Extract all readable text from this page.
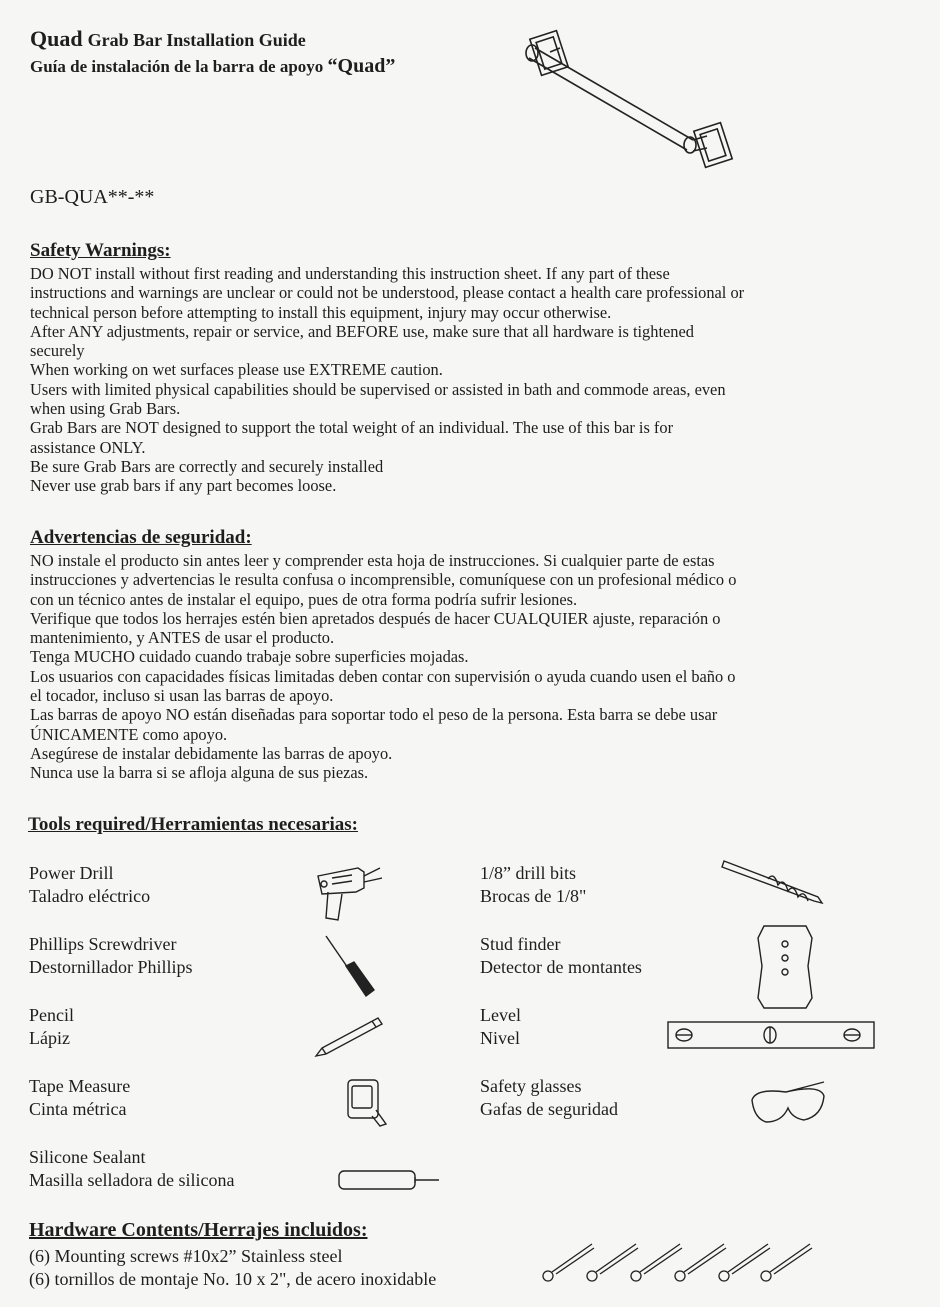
Quad Grab Bar Installation Guide
Guía de instalación de la barra de apoyo “Quad”
GB-QUA**-**
Safety Warnings:
DO NOT install without first reading and understanding this instruction sheet. If any part of these
instructions and warnings are unclear or could not be understood, please contact a health care professional or
technical person before attempting to install this equipment, injury may occur otherwise.
After ANY adjustments, repair or service, and BEFORE use, make sure that all hardware is tightened
securely
When working on wet surfaces please use EXTREME caution.
Users with limited physical capabilities should be supervised or assisted in bath and commode areas, even
when using Grab Bars.
Grab Bars are NOT designed to support the total weight of an individual. The use of this bar is for
assistance ONLY.
Be sure Grab Bars are correctly and securely installed
Never use grab bars if any part becomes loose.
Advertencias de seguridad:
NO instale el producto sin antes leer y comprender esta hoja de instrucciones. Si cualquier parte de estas
instrucciones y advertencias le resulta confusa o incomprensible, comuníquese con un profesional médico o
con un técnico antes de instalar el equipo, pues de otra forma podría sufrir lesiones.
Verifique que todos los herrajes estén bien apretados después de hacer CUALQUIER ajuste, reparación o
mantenimiento, y ANTES de usar el producto.
Tenga MUCHO cuidado cuando trabaje sobre superficies mojadas.
Los usuarios con capacidades físicas limitadas deben contar con supervisión o ayuda cuando usen el baño o
el tocador, incluso si usan las barras de apoyo.
Las barras de apoyo NO están diseñadas para soportar todo el peso de la persona. Esta barra se debe usar
ÚNICAMENTE como apoyo.
Asegúrese de instalar debidamente las barras de apoyo.
Nunca use la barra si se afloja alguna de sus piezas.
Tools required/Herramientas necesarias:
Power Drill
Taladro eléctrico
1/8” drill bits
Brocas de 1/8"
Phillips Screwdriver
Destornillador Phillips
Stud finder
Detector de montantes
Pencil
Lápiz
Level
Nivel
Tape Measure
Cinta métrica
Safety glasses
Gafas de seguridad
Silicone Sealant
Masilla selladora de silicona
Hardware Contents/Herrajes incluidos:
(6) Mounting screws #10x2” Stainless steel
(6) tornillos de montaje No. 10 x 2", de acero inoxidable
